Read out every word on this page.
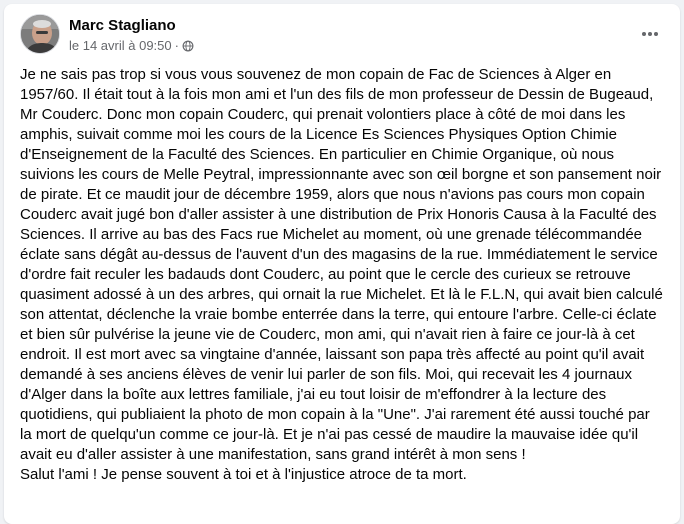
Marc Stagliano
le 14 avril à 09:50 ·
Je ne sais pas trop si vous vous souvenez de mon copain de Fac de Sciences à Alger en 1957/60. Il était tout à la fois mon ami et l'un des fils de mon professeur de Dessin de Bugeaud, Mr Couderc. Donc mon copain Couderc, qui prenait volontiers place à côté de moi dans les amphis, suivait comme moi les cours de la Licence Es Sciences Physiques Option Chimie d'Enseignement de la Faculté des Sciences. En particulier en Chimie Organique, où nous suivions les cours de Melle Peytral, impressionnante avec son œil borgne et son pansement noir de pirate. Et ce maudit jour de décembre 1959, alors que nous n'avions pas cours mon copain Couderc avait jugé bon d'aller assister à une distribution de Prix Honoris Causa à la Faculté des Sciences. Il arrive au bas des Facs rue Michelet au moment, où une grenade télécommandée éclate sans dégât au-dessus de l'auvent d'un des magasins de la rue. Immédiatement le service d'ordre fait reculer les badauds dont Couderc, au point que le cercle des curieux se retrouve quasiment adossé à un des arbres, qui ornait la rue Michelet. Et là le F.L.N, qui avait bien calculé son attentat, déclenche la vraie bombe enterrée dans la terre, qui entoure l'arbre. Celle-ci éclate et bien sûr pulvérise la jeune vie de Couderc, mon ami, qui n'avait rien à faire ce jour-là à cet endroit. Il est mort avec sa vingtaine d'année, laissant son papa très affecté au point qu'il avait demandé à ses anciens élèves de venir lui parler de son fils. Moi, qui recevait les 4 journaux d'Alger dans la boîte aux lettres familiale, j'ai eu tout loisir de m'effondrer à la lecture des quotidiens, qui publiaient la photo de mon copain à la "Une". J'ai rarement été aussi touché par la mort de quelqu'un comme ce jour-là. Et je n'ai pas cessé de maudire la mauvaise idée qu'il avait eu d'aller assister à une manifestation, sans grand intérêt à mon sens !
Salut l'ami ! Je pense souvent à toi et à l'injustice atroce de ta mort.
